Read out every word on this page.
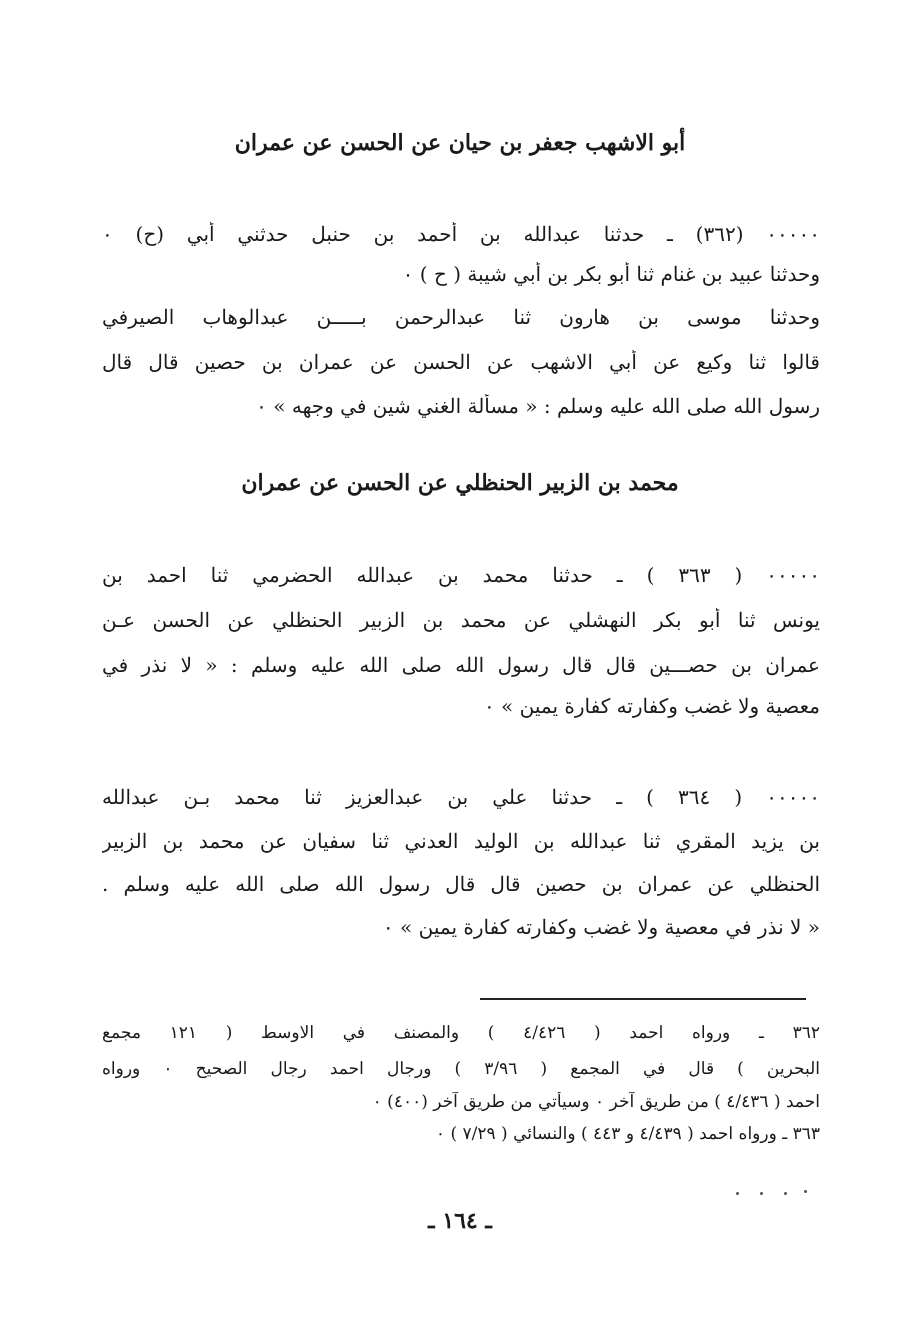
أبو الاشهب جعفر بن حيان عن الحسن عن عمران
٠٠٠٠٠ (٣٦٢) ـ حدثنا عبدالله بن أحمد بن حنبل حدثني أبي (ح) ٠
وحدثنا عبيد بن غنام ثنا أبو بكر بن أبي شيبة ( ح ) ٠
وحدثنا موسى بن هارون ثنا عبدالرحمن بـــــن عبدالوهاب الصيرفي
قالوا ثنا وكيع عن أبي الاشهب عن الحسن عن عمران بن حصين قال قال
رسول الله صلى الله عليه وسلم : « مسألة الغني شين في وجهه » ٠
محمد بن الزبير الحنظلي عن الحسن عن عمران
٠٠٠٠٠ ( ٣٦٣ ) ـ حدثنا محمد بن عبدالله الحضرمي ثنا احمد بن
يونس ثنا أبو بكر النهشلي عن محمد بن الزبير الحنظلي عن الحسن عـن
عمران بن حصـــين قال قال رسول الله صلى الله عليه وسلم : « لا نذر في
معصية ولا غضب وكفارته كفارة يمين » ٠
٠٠٠٠٠ ( ٣٦٤ ) ـ حدثنا علي بن عبدالعزيز ثنا محمد بـن عبدالله
بن يزيد المقري ثنا عبدالله بن الوليد العدني ثنا سفيان عن محمد بن الزبير
الحنظلي عن عمران بن حصين قال قال رسول الله صلى الله عليه وسلم .
« لا نذر في معصية ولا غضب وكفارته كفارة يمين » ٠
٣٦٢ ـ ورواه احمد ( ٤/٤٢٦ ) والمصنف في الاوسط ( ١٢١ مجمع
البحرين ) قال في المجمع ( ٣/٩٦ ) ورجال احمد رجال الصحيح ٠ ورواه
احمد ( ٤/٤٣٦ ) من طريق آخر ٠ وسيأتي من طريق آخر (٤٠٠) ٠
٣٦٣ ـ ورواه احمد ( ٤/٤٣٩ و ٤٤٣ ) والنسائي ( ٧/٢٩ ) ٠
ـ ١٦٤ ـ
